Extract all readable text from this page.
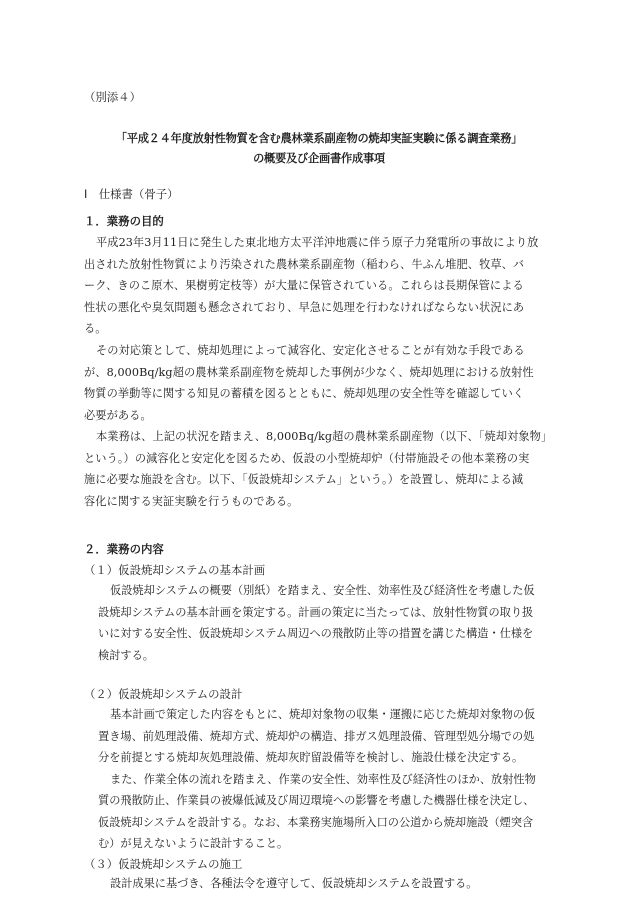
（別添４）
「平成２４年度放射性物質を含む農林業系副産物の焼却実証実験に係る調査業務」
の概要及び企画書作成事項
Ⅰ　仕様書（骨子）
１．業務の目的
平成23年3月11日に発生した東北地方太平洋沖地震に伴う原子力発電所の事故により放
出された放射性物質により汚染された農林業系副産物（稲わら、牛ふん堆肥、牧草、バ
ーク、きのこ原木、果樹剪定枝等）が大量に保管されている。これらは長期保管による
性状の悪化や臭気問題も懸念されており、早急に処理を行わなければならない状況にあ
る。
その対応策として、焼却処理によって減容化、安定化させることが有効な手段である
が、8,000Bq/kg超の農林業系副産物を焼却した事例が少なく、焼却処理における放射性
物質の挙動等に関する知見の蓄積を図るとともに、焼却処理の安全性等を確認していく
必要がある。
本業務は、上記の状況を踏まえ、8,000Bq/kg超の農林業系副産物（以下、「焼却対象物」
という。）の減容化と安定化を図るため、仮設の小型焼却炉（付帯施設その他本業務の実
施に必要な施設を含む。以下、「仮設焼却システム」という。）を設置し、焼却による減
容化に関する実証実験を行うものである。
２．業務の内容
（１）仮設焼却システムの基本計画
仮設焼却システムの概要（別紙）を踏まえ、安全性、効率性及び経済性を考慮した仮
設焼却システムの基本計画を策定する。計画の策定に当たっては、放射性物質の取り扱
いに対する安全性、仮設焼却システム周辺への飛散防止等の措置を講じた構造・仕様を
検討する。
（２）仮設焼却システムの設計
基本計画で策定した内容をもとに、焼却対象物の収集・運搬に応じた焼却対象物の仮
置き場、前処理設備、焼却方式、焼却炉の構造、排ガス処理設備、管理型処分場での処
分を前提とする焼却灰処理設備、焼却灰貯留設備等を検討し、施設仕様を決定する。
また、作業全体の流れを踏まえ、作業の安全性、効率性及び経済性のほか、放射性物
質の飛散防止、作業員の被爆低減及び周辺環境への影響を考慮した機器仕様を決定し、
仮設焼却システムを設計する。なお、本業務実施場所入口の公道から焼却施設（煙突含
む）が見えないように設計すること。
（３）仮設焼却システムの施工
設計成果に基づき、各種法令を遵守して、仮設焼却システムを設置する。
